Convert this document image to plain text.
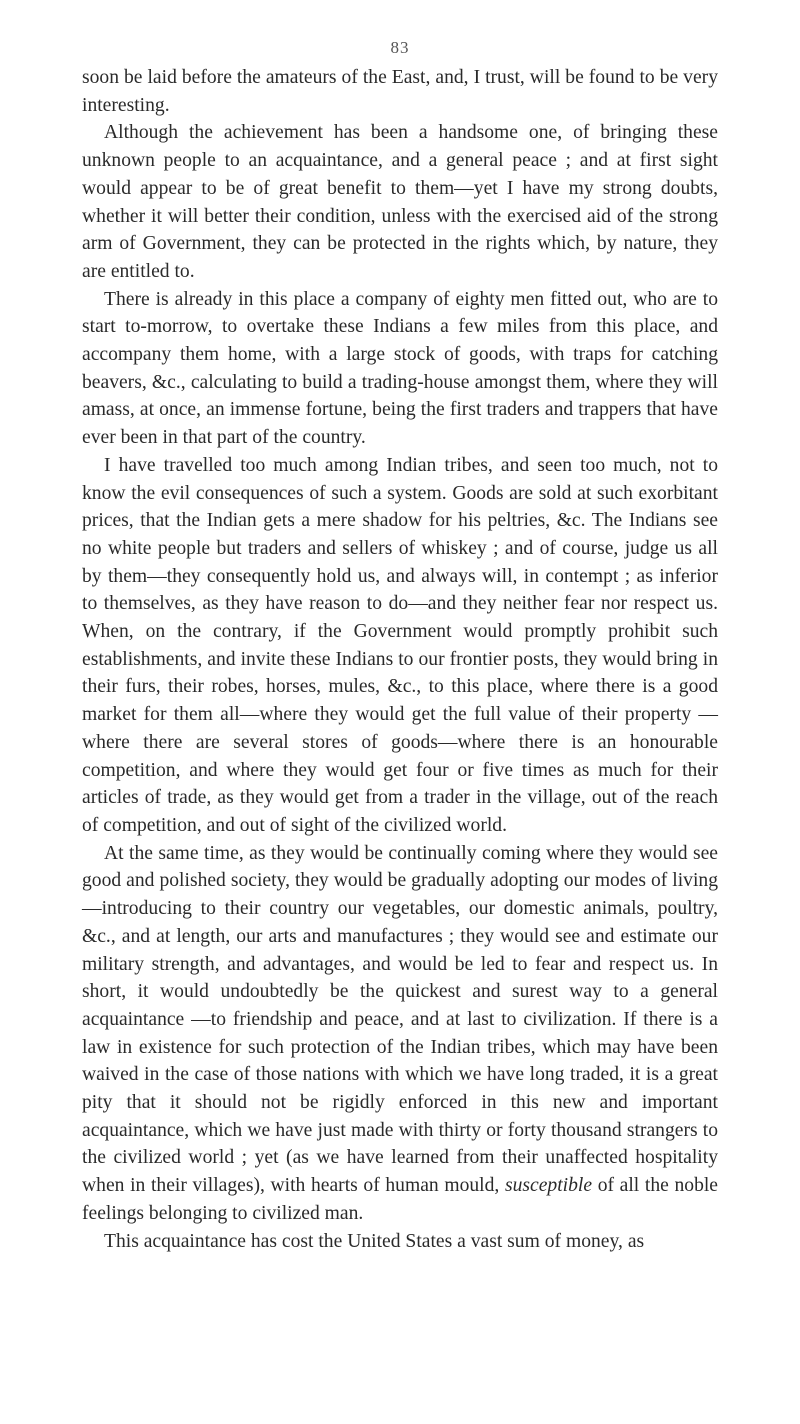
83

soon be laid before the amateurs of the East, and, I trust, will be found to be very interesting.

Although the achievement has been a handsome one, of bringing these unknown people to an acquaintance, and a general peace ; and at first sight would appear to be of great benefit to them—yet I have my strong doubts, whether it will better their condition, unless with the exercised aid of the strong arm of Government, they can be protected in the rights which, by nature, they are entitled to.

There is already in this place a company of eighty men fitted out, who are to start to-morrow, to overtake these Indians a few miles from this place, and accompany them home, with a large stock of goods, with traps for catching beavers, &c., calculating to build a trading-house amongst them, where they will amass, at once, an immense fortune, being the first traders and trappers that have ever been in that part of the country.

I have travelled too much among Indian tribes, and seen too much, not to know the evil consequences of such a system. Goods are sold at such exorbitant prices, that the Indian gets a mere shadow for his peltries, &c. The Indians see no white people but traders and sellers of whiskey ; and of course, judge us all by them—they consequently hold us, and always will, in contempt ; as inferior to themselves, as they have reason to do—and they neither fear nor respect us. When, on the contrary, if the Government would promptly prohibit such establishments, and invite these Indians to our frontier posts, they would bring in their furs, their robes, horses, mules, &c., to this place, where there is a good market for them all—where they would get the full value of their property —where there are several stores of goods—where there is an honourable competition, and where they would get four or five times as much for their articles of trade, as they would get from a trader in the village, out of the reach of competition, and out of sight of the civilized world.

At the same time, as they would be continually coming where they would see good and polished society, they would be gradually adopting our modes of living—introducing to their country our vegetables, our domestic animals, poultry, &c., and at length, our arts and manufactures ; they would see and estimate our military strength, and advantages, and would be led to fear and respect us. In short, it would undoubtedly be the quickest and surest way to a general acquaintance —to friendship and peace, and at last to civilization. If there is a law in existence for such protection of the Indian tribes, which may have been waived in the case of those nations with which we have long traded, it is a great pity that it should not be rigidly enforced in this new and important acquaintance, which we have just made with thirty or forty thousand strangers to the civilized world ; yet (as we have learned from their unaffected hospitality when in their villages), with hearts of human mould, susceptible of all the noble feelings belonging to civilized man.

This acquaintance has cost the United States a vast sum of money, as
